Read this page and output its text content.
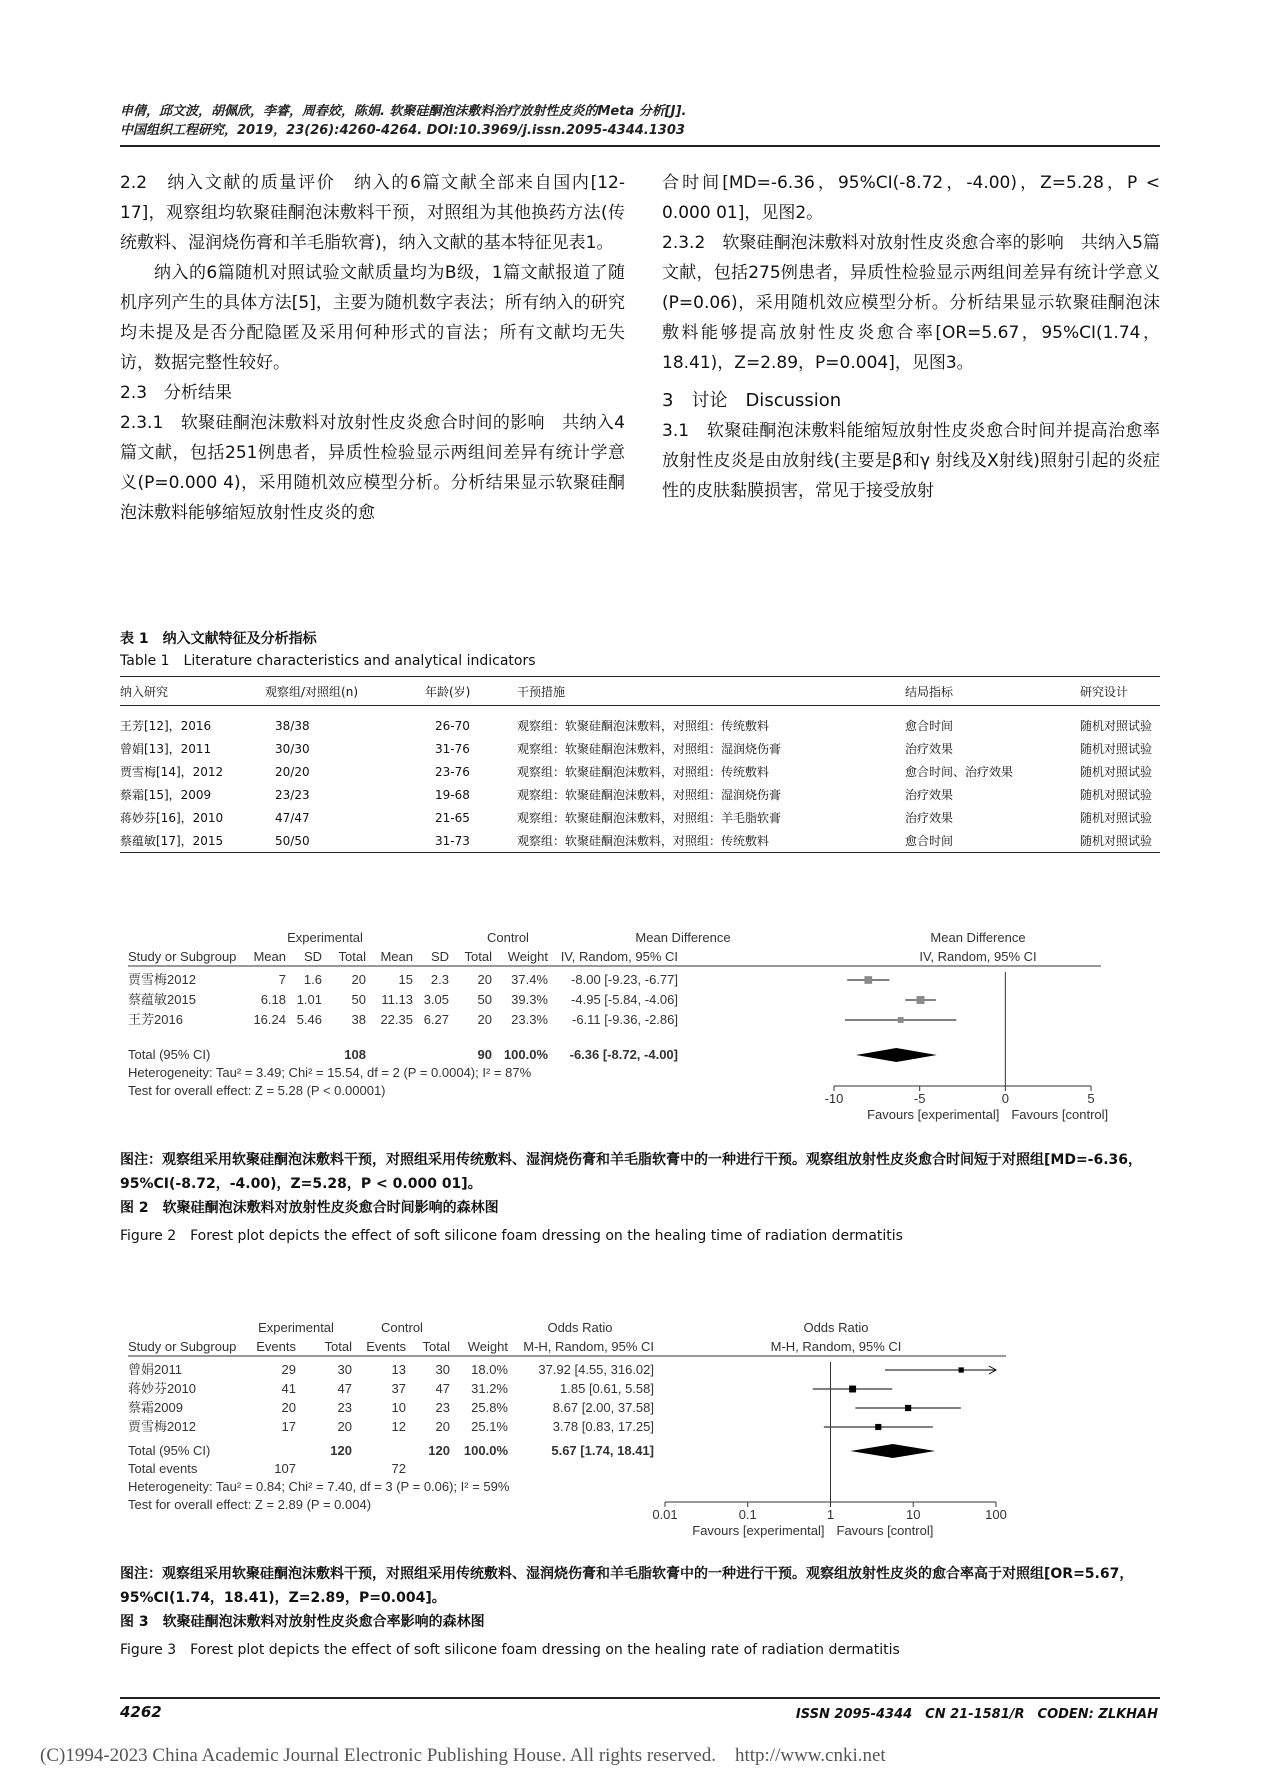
申倩，邱文波，胡佩欣，李睿，周春姣，陈娟. 软聚硅酮泡沫敷料治疗放射性皮炎的Meta 分析[J].
中国组织工程研究，2019，23(26):4260-4264. DOI:10.3969/j.issn.2095-4344.1303

2.2　纳入文献的质量评价　纳入的6篇文献全部来自国内[12-17]，观察组均软聚硅酮泡沫敷料干预，对照组为其他换药方法(传统敷料、湿润烧伤膏和羊毛脂软膏)，纳入文献的基本特征见表1。

纳入的6篇随机对照试验文献质量均为B级，1篇文献报道了随机序列产生的具体方法[5]，主要为随机数字表法；所有纳入的研究均未提及是否分配隐匿及采用何种形式的盲法；所有文献均无失访，数据完整性较好。

2.3　分析结果

2.3.1　软聚硅酮泡沫敷料对放射性皮炎愈合时间的影响　共纳入4篇文献，包括251例患者，异质性检验显示两组间差异有统计学意义(P=0.000 4)，采用随机效应模型分析。分析结果显示软聚硅酮泡沫敷料能够缩短放射性皮炎的愈

合时间[MD=-6.36，95%CI(-8.72，-4.00)，Z=5.28，P < 0.000 01]，见图2。

2.3.2　软聚硅酮泡沫敷料对放射性皮炎愈合率的影响　共纳入5篇文献，包括275例患者，异质性检验显示两组间差异有统计学意义(P=0.06)，采用随机效应模型分析。分析结果显示软聚硅酮泡沫敷料能够提高放射性皮炎愈合率[OR=5.67，95%CI(1.74，18.41)，Z=2.89，P=0.004]，见图3。

3　讨论　Discussion

3.1　软聚硅酮泡沫敷料能缩短放射性皮炎愈合时间并提高治愈率　放射性皮炎是由放射线(主要是β和γ 射线及X射线)照射引起的炎症性的皮肤黏膜损害，常见于接受放射

表 1　纳入文献特征及分析指标
Table 1　Literature characteristics and analytical indicators
纳入研究	观察组/对照组(n)	年龄(岁)	干预措施	结局指标	研究设计
王芳[12]，2016	38/38	26-70	观察组：软聚硅酮泡沫敷料，对照组：传统敷料	愈合时间	随机对照试验
曾娟[13]，2011	30/30	31-76	观察组：软聚硅酮泡沫敷料，对照组：湿润烧伤膏	治疗效果	随机对照试验
贾雪梅[14]，2012	20/20	23-76	观察组：软聚硅酮泡沫敷料，对照组：传统敷料	愈合时间、治疗效果	随机对照试验
蔡霜[15]，2009	23/23	19-68	观察组：软聚硅酮泡沫敷料，对照组：湿润烧伤膏	治疗效果	随机对照试验
蒋妙芬[16]，2010	47/47	21-65	观察组：软聚硅酮泡沫敷料，对照组：羊毛脂软膏	治疗效果	随机对照试验
蔡蕴敏[17]，2015	50/50	31-73	观察组：软聚硅酮泡沫敷料，对照组：传统敷料	愈合时间	随机对照试验
Experimental	Control	Mean Difference	Mean Difference
Study or Subgroup Mean SD Total Mean SD Total Weight IV, Random, 95% CI	IV, Random, 95% CI
贾雪梅2012	7 1.6 20	15 2.3 20 37.4% -8.00 [-9.23, -6.77]
蔡蕴敏2015	6.18 1.01 50 11.13 3.05 50 39.3% -4.95 [-5.84, -4.06]
王芳2016	16.24 5.46 38 22.35 6.27 20 23.3% -6.11 [-9.36, -2.86]
Total (95% CI)	108	90 100.0% -6.36 [-8.72, -4.00]
Heterogeneity: Tau² = 3.49; Chi² = 15.54, df = 2 (P = 0.0004); I² = 87%
Test for overall effect: Z = 5.28 (P < 0.00001)
-10	-5	0	5
Favours [experimental] Favours [control]

图注：观察组采用软聚硅酮泡沫敷料干预，对照组采用传统敷料、湿润烧伤膏和羊毛脂软膏中的一种进行干预。观察组放射性皮炎愈合时间短于对照组[MD=-6.36，95%CI(-8.72，-4.00)，Z=5.28，P < 0.000 01]。

图 2　软聚硅酮泡沫敷料对放射性皮炎愈合时间影响的森林图

Figure 2　Forest plot depicts the effect of soft silicone foam dressing on the healing time of radiation dermatitis

Experimental	Control	Odds Ratio	Odds Ratio
Study or Subgroup Events Total Events Total Weight M-H, Random, 95% CI	M-H, Random, 95% CI
曾娟2011	29	30	13 30 18.0% 37.92 [4.55, 316.02]
蒋妙芬2010	41	47	37 47 31.2%	1.85 [0.61, 5.58]
蔡霜2009	20	23	10 23 25.8%	8.67 [2.00, 37.58]
贾雪梅2012	17	20	12 20 25.1%	3.78 [0.83, 17.25]
Total (95% CI)	120	120 100.0%	5.67 [1.74, 18.41]
Total events	107	72
Heterogeneity: Tau² = 0.84; Chi² = 7.40, df = 3 (P = 0.06); I² = 59%
Test for overall effect: Z = 2.89 (P = 0.004)
0.01	0.1	1	10	100
Favours [experimental] Favours [control]

图注：观察组采用软聚硅酮泡沫敷料干预，对照组采用传统敷料、湿润烧伤膏和羊毛脂软膏中的一种进行干预。观察组放射性皮炎的愈合率高于对照组[OR=5.67，95%CI(1.74，18.41)，Z=2.89，P=0.004]。

图 3　软聚硅酮泡沫敷料对放射性皮炎愈合率影响的森林图

Figure 3　Forest plot depicts the effect of soft silicone foam dressing on the healing rate of radiation dermatitis

4262	ISSN 2095-4344　CN 21-1581/R　CODEN: ZLKHAH
(C)1994-2023 China Academic Journal Electronic Publishing House. All rights reserved.　http://www.cnki.net
